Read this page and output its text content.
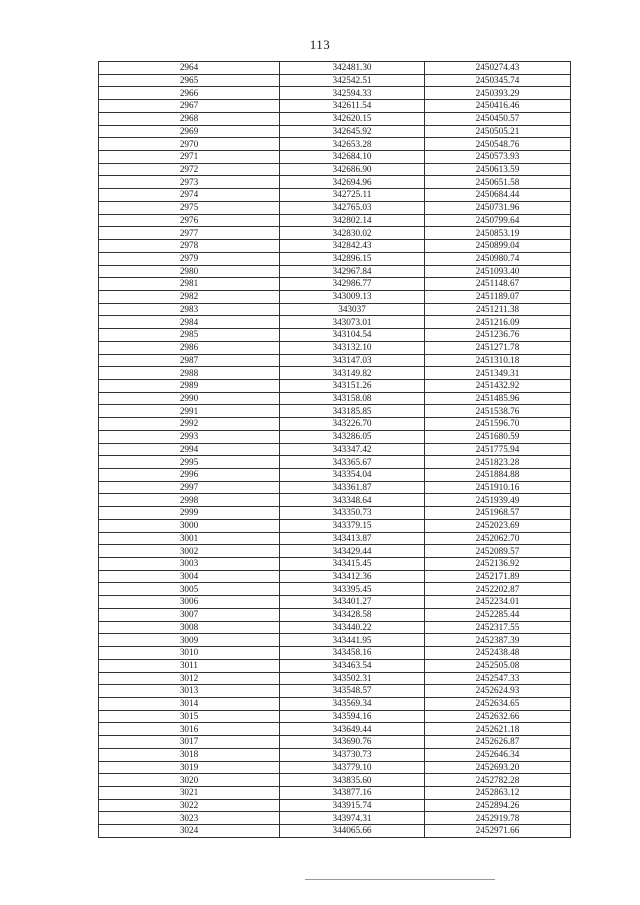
113
2964	342481.30	2450274.43
2965	342542.51	2450345.74
2966	342594.33	2450393.29
2967	342611.54	2450416.46
2968	342620.15	2450450.57
2969	342645.92	2450505.21
2970	342653.28	2450548.76
2971	342684.10	2450573.93
2972	342686.90	2450613.59
2973	342694.96	2450651.58
2974	342725.11	2450684.44
2975	342765.03	2450731.96
2976	342802.14	2450799.64
2977	342830.02	2450853.19
2978	342842.43	2450899.04
2979	342896.15	2450980.74
2980	342967.84	2451093.40
2981	342986.77	2451148.67
2982	343009.13	2451189.07
2983	343037	2451211.38
2984	343073.01	2451216.09
2985	343104.54	2451236.76
2986	343132.10	2451271.78
2987	343147.03	2451310.18
2988	343149.82	2451349.31
2989	343151.26	2451432.92
2990	343158.08	2451485.96
2991	343185.85	2451538.76
2992	343226.70	2451596.70
2993	343286.05	2451680.59
2994	343347.42	2451775.94
2995	343365.67	2451823.28
2996	343354.04	2451884.88
2997	343361.87	2451910.16
2998	343348.64	2451939.49
2999	343350.73	2451968.57
3000	343379.15	2452023.69
3001	343413.87	2452062.70
3002	343429.44	2452089.57
3003	343415.45	2452136.92
3004	343412.36	2452171.89
3005	343395.45	2452202.87
3006	343401.27	2452234.01
3007	343428.58	2452285.44
3008	343440.22	2452317.55
3009	343441.95	2452387.39
3010	343458.16	2452438.48
3011	343463.54	2452505.08
3012	343502.31	2452547.33
3013	343548.57	2452624.93
3014	343569.34	2452634.65
3015	343594.16	2452632.66
3016	343649.44	2452621.18
3017	343690.76	2452626.87
3018	343730.73	2452646.34
3019	343779.10	2452693.20
3020	343835.60	2452782.28
3021	343877.16	2452863.12
3022	343915.74	2452894.26
3023	343974.31	2452919.78
3024	344065.66	2452971.66
